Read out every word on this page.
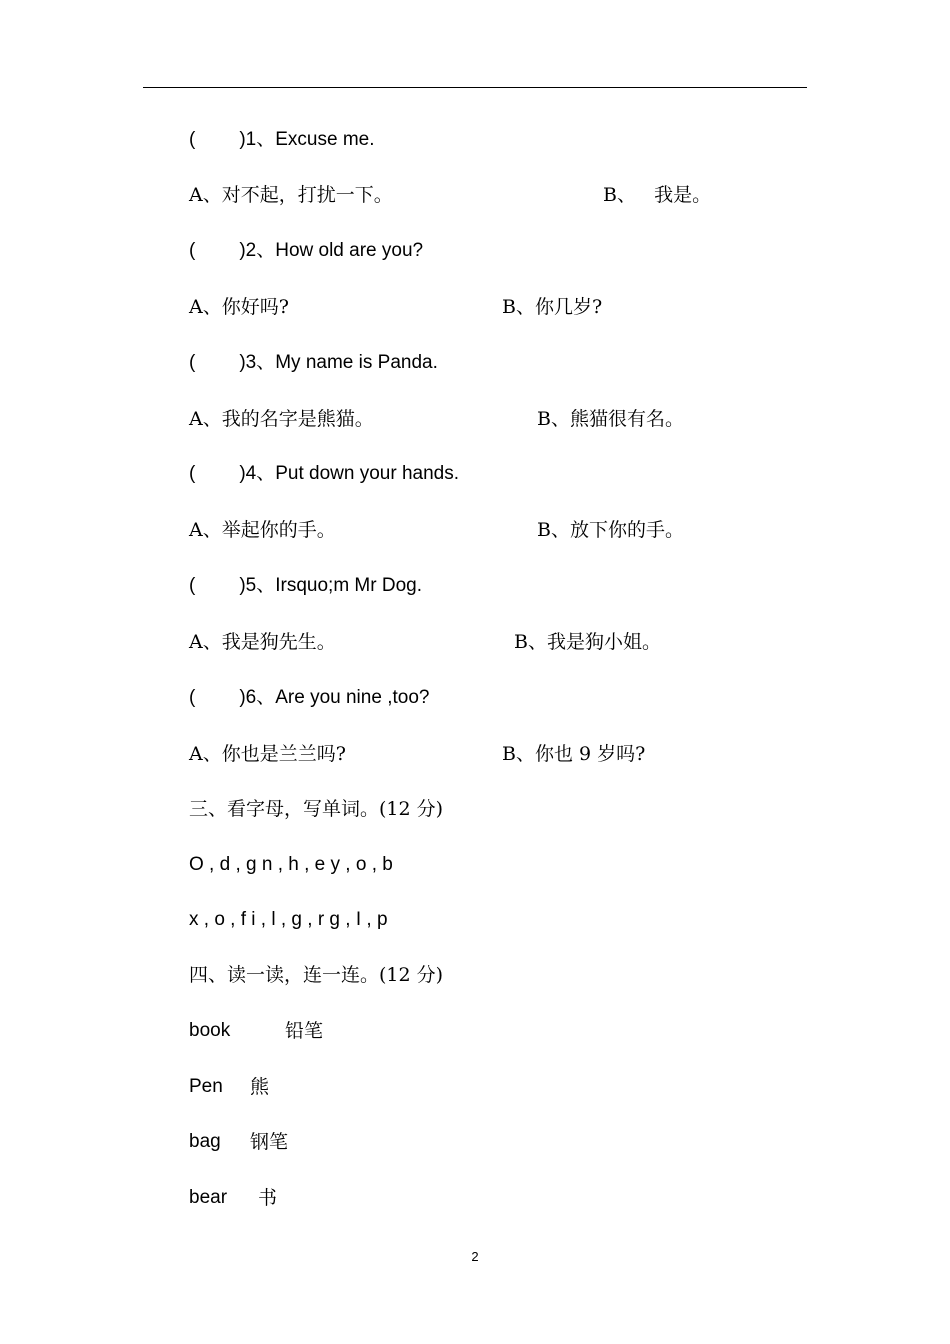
( )1、Excuse me.
A、对不起，打扰一下。	B、   我是。
( )2、How old are you?
A、你好吗?	B、你几岁?
( )3、My name is Panda.
A、我的名字是熊猫。	B、熊猫很有名。
( )4、Put down your hands.
A、举起你的手。	B、放下你的手。
( )5、Irsquo;m Mr Dog.
A、我是狗先生。	B、我是狗小姐。
( )6、Are you nine ,too?
A、你也是兰兰吗?	B、你也 9 岁吗?
三、看字母，写单词。(12 分)
O , d , g n , h , e y , o , b
x , o , f i , l , g , r g , I , p
四、读一读，连一连。(12 分)
book	铅笔
Pen 熊
bag 钢笔
bear 书
2
